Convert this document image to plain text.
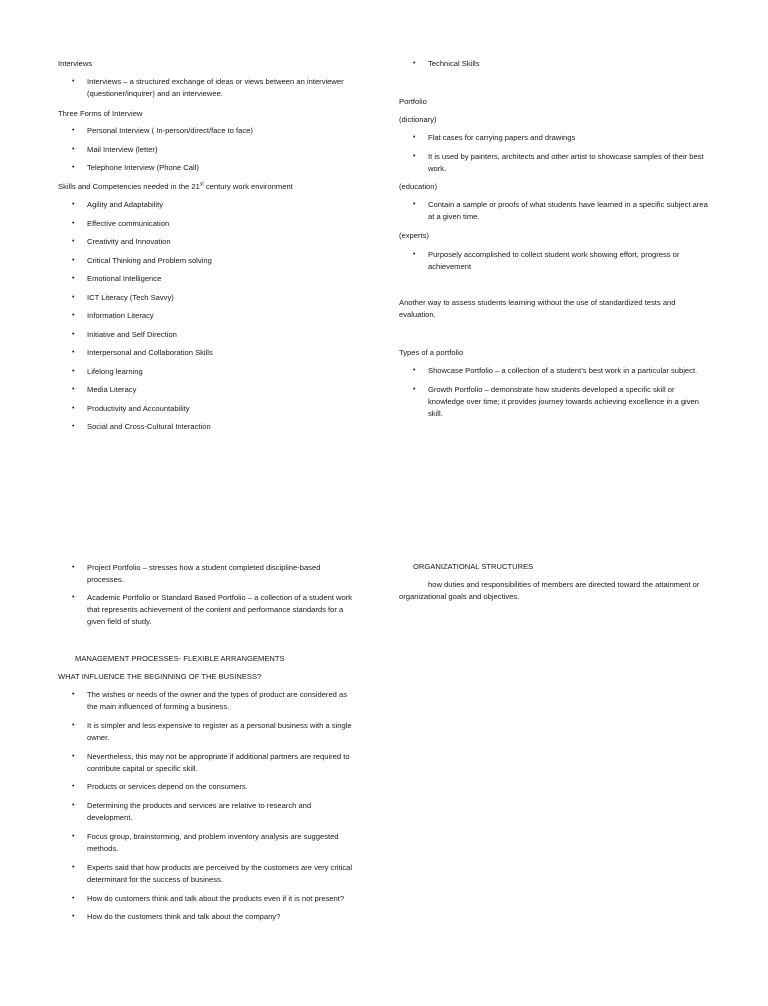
Interviews
• Interviews – a structured exchange of ideas or views between an interviewer (questioner/inquirer) and an interviewee.
Three Forms of Interview
• Personal Interview ( In-person/direct/face to face)
• Mail Interview (letter)
• Telephone Interview (Phone Call)
Skills and Competencies needed in the 21st century work environment
• Agility and Adaptability
• Effective communication
• Creativity and Innovation
• Critical Thinking and Problem solving
• Emotional Intelligence
• ICT Literacy (Tech Savvy)
• Information Literacy
• Initiative and Self Direction
• Interpersonal and Collaboration Skills
• Lifelong learning
• Media Literacy
• Productivity and Accountability
• Social and Cross-Cultural Interaction
• Technical Skills
Portfolio
(dictionary)
• Flat cases for carrying papers and drawings
• It is used by painters, architects and other artist to showcase samples of their best work.
(education)
• Contain a sample or proofs of what students have learned in a specific subject area at a given time.
(experts)
• Purposely accomplished to collect student work showing effort, progress or achievement
Another way to assess students learning without the use of standardized tests and evaluation.
Types of a portfolio
• Showcase Portfolio – a collection of a student’s best work in a particular subject.
• Growth Portfolio – demonstrate how students developed a specific skill or knowledge over time; it provides journey towards achieving excellence in a given skill.
• Project Portfolio – stresses how a student completed discipline-based processes.
• Academic Portfolio or Standard Based Portfolio – a collection of a student work that represents achievement of the content and performance standards for a given field of study.
MANAGEMENT PROCESSES- FLEXIBLE ARRANGEMENTS
WHAT INFLUENCE THE BEGINNING OF THE BUSINESS?
• The wishes or needs of the owner and the types of product are considered as the main influenced of forming a business.
• It is simpler and less expensive to register as a personal business with a single owner.
• Nevertheless, this may not be appropriate if additional partners are required to contribute capital or specific skill.
• Products or services depend on the consumers.
• Determining the products and services are relative to research and development.
• Focus group, brainstorming, and problem inventory analysis are suggested methods.
• Experts said that how products are perceived by the customers are very critical determinant for the success of business.
• How do customers think and talk about the products even if it is not present?
• How do the customers think and talk about the company?
ORGANIZATIONAL STRUCTURES
how duties and responsibilities of members are directed toward the attainment or organizational goals and objectives.
